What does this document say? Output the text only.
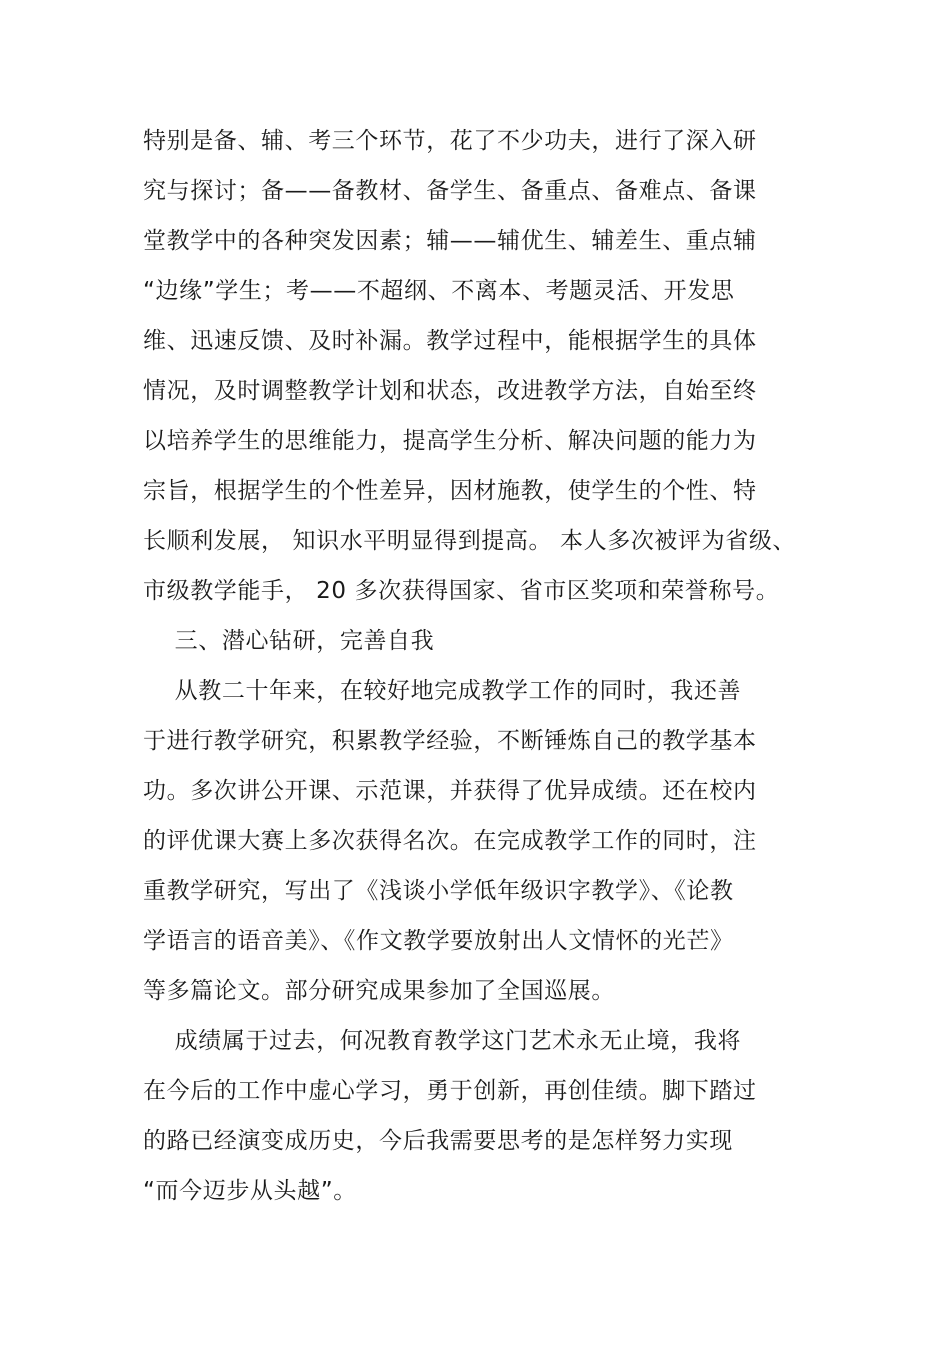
特别是备、辅、考三个环节，花了不少功夫，进行了深入研
究与探讨；备——备教材、备学生、备重点、备难点、备课
堂教学中的各种突发因素；辅——辅优生、辅差生、重点辅
“边缘”学生；考——不超纲、不离本、考题灵活、开发思
维、迅速反馈、及时补漏。教学过程中，能根据学生的具体
情况，及时调整教学计划和状态，改进教学方法，自始至终
以培养学生的思维能力，提高学生分析、解决问题的能力为
宗旨，根据学生的个性差异，因材施教，使学生的个性、特
长顺利发展， 知识水平明显得到提高。 本人多次被评为省级、
市级教学能手， 20 多次获得国家、省市区奖项和荣誉称号。
三、潜心钻研，完善自我
从教二十年来，在较好地完成教学工作的同时，我还善
于进行教学研究，积累教学经验，不断锤炼自己的教学基本
功。多次讲公开课、示范课，并获得了优异成绩。还在校内
的评优课大赛上多次获得名次。在完成教学工作的同时，注
重教学研究，写出了《浅谈小学低年级识字教学》、《论教
学语言的语音美》、《作文教学要放射出人文情怀的光芒》
等多篇论文。部分研究成果参加了全国巡展。
成绩属于过去，何况教育教学这门艺术永无止境，我将
在今后的工作中虚心学习，勇于创新，再创佳绩。脚下踏过
的路已经演变成历史，今后我需要思考的是怎样努力实现
“而今迈步从头越”。
